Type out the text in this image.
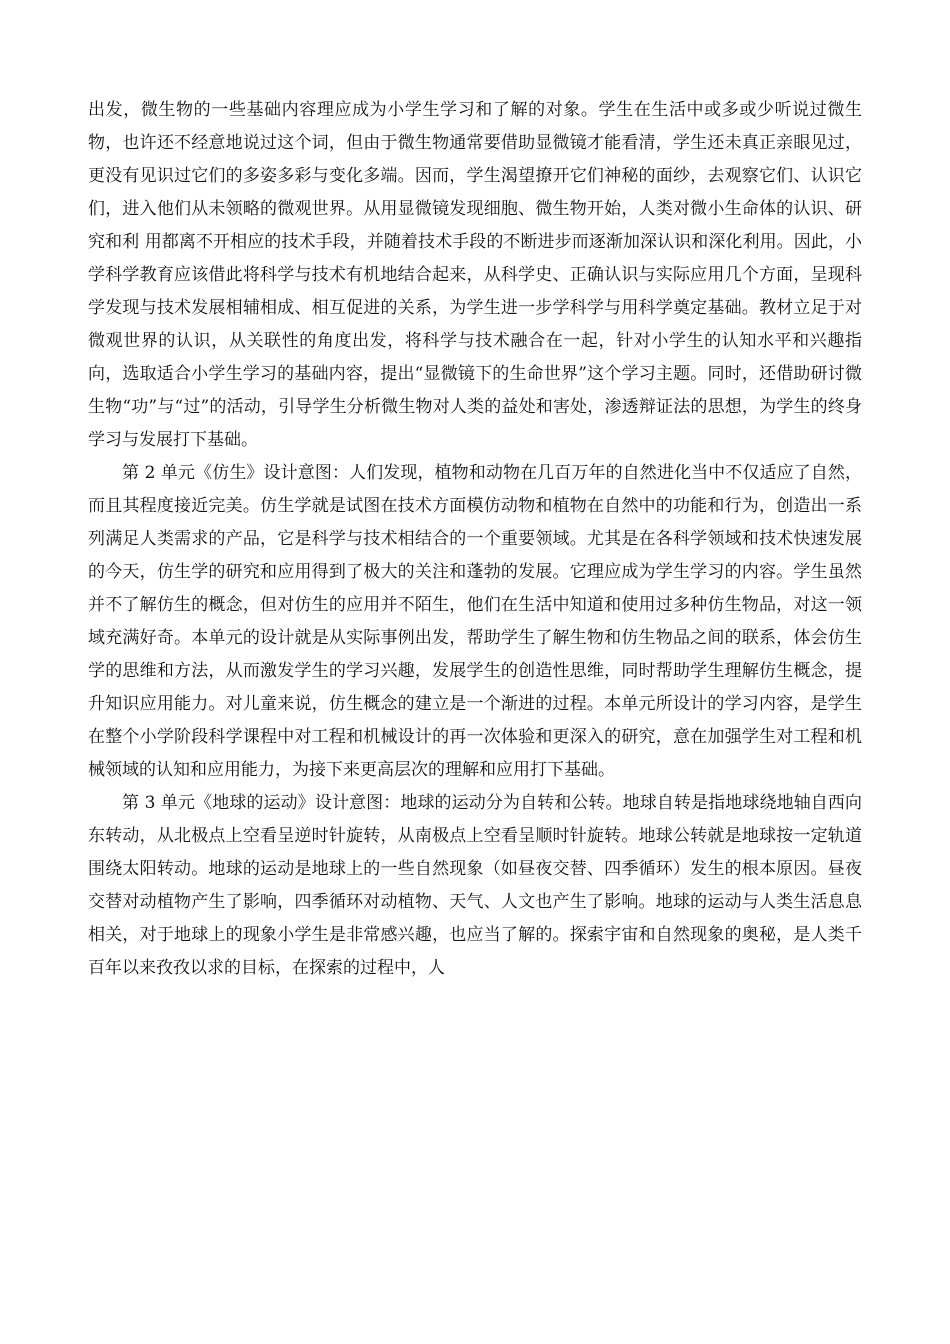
出发，微生物的一些基础内容理应成为小学生学习和了解的对象。学生在生活中或多或少听说过微生物，也许还不经意地说过这个词，但由于微生物通常要借助显微镜才能看清，学生还未真正亲眼见过，更没有见识过它们的多姿多彩与变化多端。因而，学生渴望撩开它们神秘的面纱，去观察它们、认识它们，进入他们从未领略的微观世界。从用显微镜发现细胞、微生物开始，人类对微小生命体的认识、研究和利 用都离不开相应的技术手段，并随着技术手段的不断进步而逐渐加深认识和深化利用。因此，小学科学教育应该借此将科学与技术有机地结合起来，从科学史、正确认识与实际应用几个方面，呈现科学发现与技术发展相辅相成、相互促进的关系，为学生进一步学科学与用科学奠定基础。教材立足于对微观世界的认识，从关联性的角度出发，将科学与技术融合在一起，针对小学生的认知水平和兴趣指向，选取适合小学生学习的基础内容，提出“显微镜下的生命世界”这个学习主题。同时，还借助研讨微生物“功”与“过”的活动，引导学生分析微生物对人类的益处和害处，渗透辩证法的思想，为学生的终身学习与发展打下基础。

第 2 单元《仿生》设计意图：人们发现，植物和动物在几百万年的自然进化当中不仅适应了自然，而且其程度接近完美。仿生学就是试图在技术方面模仿动物和植物在自然中的功能和行为，创造出一系列满足人类需求的产品，它是科学与技术相结合的一个重要领域。尤其是在各科学领域和技术快速发展的今天，仿生学的研究和应用得到了极大的关注和蓬勃的发展。它理应成为学生学习的内容。学生虽然并不了解仿生的概念，但对仿生的应用并不陌生，他们在生活中知道和使用过多种仿生物品，对这一领域充满好奇。本单元的设计就是从实际事例出发，帮助学生了解生物和仿生物品之间的联系，体会仿生学的思维和方法，从而激发学生的学习兴趣，发展学生的创造性思维，同时帮助学生理解仿生概念，提升知识应用能力。对儿童来说，仿生概念的建立是一个渐进的过程。本单元所设计的学习内容，是学生在整个小学阶段科学课程中对工程和机械设计的再一次体验和更深入的研究，意在加强学生对工程和机械领域的认知和应用能力，为接下来更高层次的理解和应用打下基础。

第 3 单元《地球的运动》设计意图：地球的运动分为自转和公转。地球自转是指地球绕地轴自西向东转动，从北极点上空看呈逆时针旋转，从南极点上空看呈顺时针旋转。地球公转就是地球按一定轨道围绕太阳转动。地球的运动是地球上的一些自然现象（如昼夜交替、四季循环）发生的根本原因。昼夜交替对动植物产生了影响，四季循环对动植物、天气、人文也产生了影响。地球的运动与人类生活息息相关，对于地球上的现象小学生是非常感兴趣，也应当了解的。探索宇宙和自然现象的奥秘，是人类千百年以来孜孜以求的目标，在探索的过程中，人
